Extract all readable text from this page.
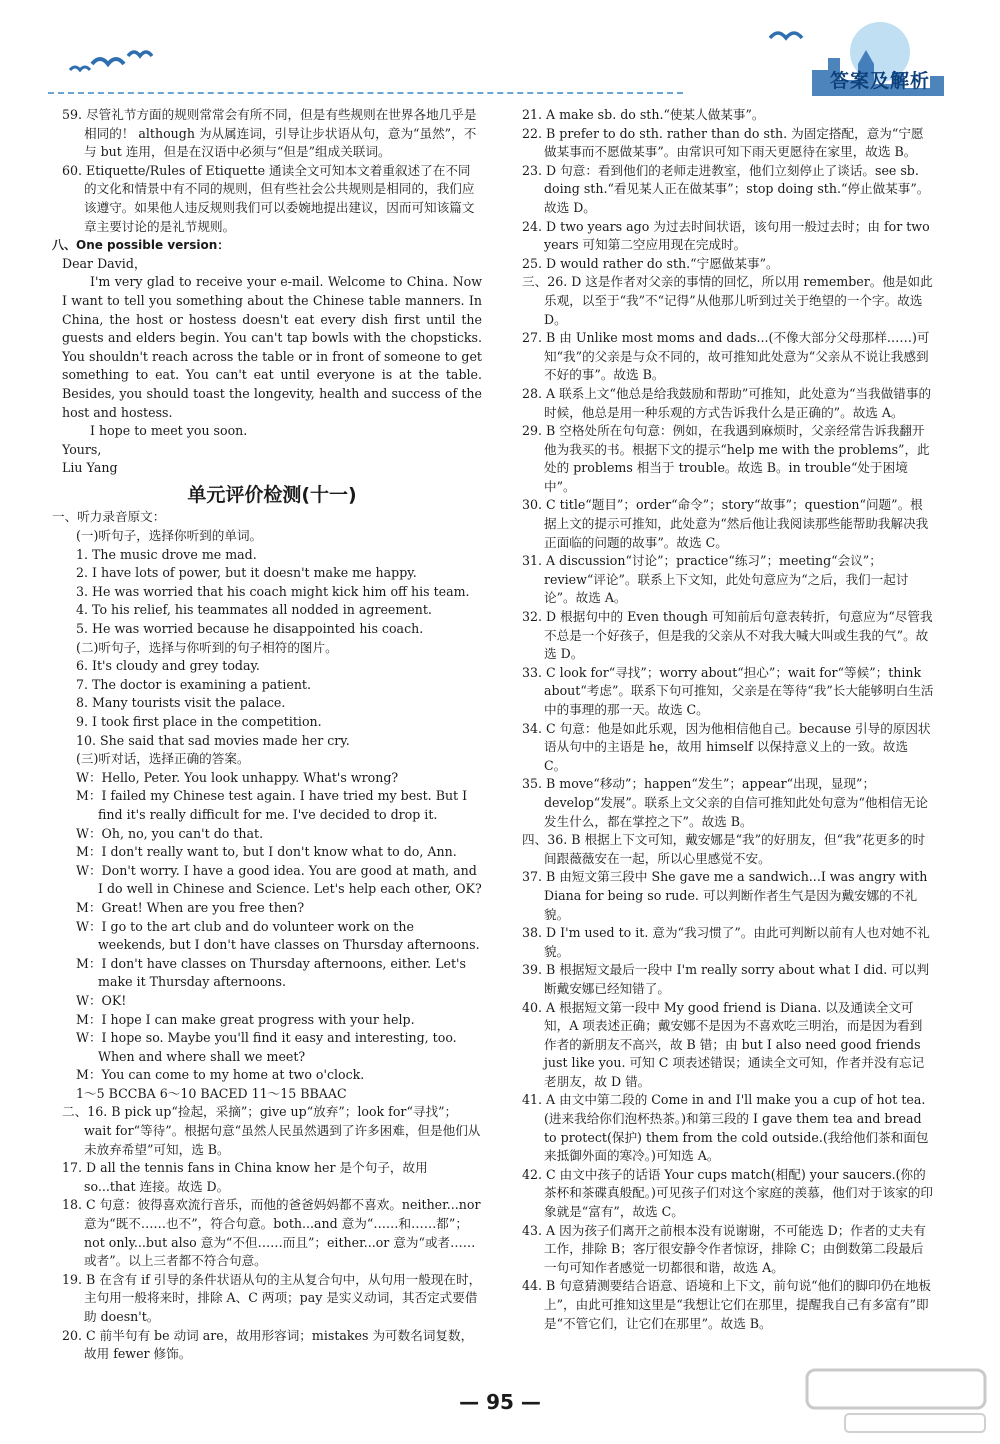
答案及解析

59. 尽管礼节方面的规则常常会有所不同，但是有些规则在世界各地几乎是相同的！ although 为从属连词，引导让步状语从句，意为“虽然”，不与 but 连用，但是在汉语中必须与“但是”组成关联词。

60. Etiquette/Rules of Etiquette 通读全文可知本文着重叙述了在不同的文化和情景中有不同的规则，但有些社会公共规则是相同的，我们应该遵守。如果他人违反规则我们可以委婉地提出建议，因而可知该篇文章主要讨论的是礼节规则。

八、One possible version：

Dear David，

I'm very glad to receive your e-mail. Welcome to China. Now I want to tell you something about the Chinese table manners. In China, the host or hostess doesn't eat every dish first until the guests and elders begin. You can't tap bowls with the chopsticks. You shouldn't reach across the table or in front of someone to get something to eat. You can't eat until everyone is at the table. Besides, you should toast the longevity, health and success of the host and hostess.

I hope to meet you soon.

Yours,

Liu Yang

单元评价检测(十一)

一、听力录音原文：

(一)听句子，选择你听到的单词。

1. The music drove me mad.

2. I have lots of power, but it doesn't make me happy.

3. He was worried that his coach might kick him off his team.

4. To his relief, his teammates all nodded in agreement.

5. He was worried because he disappointed his coach.

(二)听句子，选择与你听到的句子相符的图片。

6. It's cloudy and grey today.

7. The doctor is examining a patient.

8. Many tourists visit the palace.

9. I took first place in the competition.

10. She said that sad movies made her cry.

(三)听对话，选择正确的答案。

W：Hello, Peter. You look unhappy. What's wrong?

M：I failed my Chinese test again. I have tried my best. But I find it's really difficult for me. I've decided to drop it.

W：Oh, no, you can't do that.

M：I don't really want to, but I don't know what to do, Ann.

W：Don't worry. I have a good idea. You are good at math, and I do well in Chinese and Science. Let's help each other, OK?

M：Great! When are you free then?

W：I go to the art club and do volunteer work on the weekends, but I don't have classes on Thursday afternoons.

M：I don't have classes on Thursday afternoons, either. Let's make it Thursday afternoons.

W：OK!

M：I hope I can make great progress with your help.

W：I hope so. Maybe you'll find it easy and interesting, too. When and where shall we meet?

M：You can come to my home at two o'clock.

1～5 BCCBA 6～10 BACED 11～15 BBAAC

二、16. B pick up“捡起，采摘”；give up“放弃”；look for“寻找”；wait for“等待”。根据句意“虽然人民虽然遇到了许多困难，但是他们从未放弃希望”可知，选 B。

17. D all the tennis fans in China know her 是个句子，故用 so...that 连接。故选 D。

18. C 句意：彼得喜欢流行音乐，而他的爸爸妈妈都不喜欢。neither...nor 意为“既不……也不”，符合句意。both...and 意为“……和……都”；not only...but also 意为“不但……而且”；either...or 意为“或者……或者”。以上三者都不符合句意。

19. B 在含有 if 引导的条件状语从句的主从复合句中，从句用一般现在时，主句用一般将来时，排除 A、C 两项；pay 是实义动词，其否定式要借助 doesn't。

20. C 前半句有 be 动词 are，故用形容词；mistakes 为可数名词复数，故用 fewer 修饰。

21. A make sb. do sth.“使某人做某事”。

22. B prefer to do sth. rather than do sth. 为固定搭配，意为“宁愿做某事而不愿做某事”。由常识可知下雨天更愿待在家里，故选 B。

23. D 句意：看到他们的老师走进教室，他们立刻停止了谈话。see sb. doing sth.“看见某人正在做某事”；stop doing sth.“停止做某事”。故选 D。

24. D two years ago 为过去时间状语，该句用一般过去时；由 for two years 可知第二空应用现在完成时。

25. D would rather do sth.“宁愿做某事”。

三、26. D 这是作者对父亲的事情的回忆，所以用 remember。他是如此乐观，以至于“我”不“记得”从他那儿听到过关于绝望的一个字。故选 D。

27. B 由 Unlike most moms and dads...(不像大部分父母那样……)可知“我”的父亲是与众不同的，故可推知此处意为“父亲从不说让我感到不好的事”。故选 B。

28. A 联系上文“他总是给我鼓励和帮助”可推知，此处意为“当我做错事的时候，他总是用一种乐观的方式告诉我什么是正确的”。故选 A。

29. B 空格处所在句句意：例如，在我遇到麻烦时，父亲经常告诉我翻开他为我买的书。根据下文的提示“help me with the problems”，此处的 problems 相当于 trouble。故选 B。in trouble“处于困境中”。

30. C title“题目”；order“命令”；story“故事”；question“问题”。根据上文的提示可推知，此处意为“然后他让我阅读那些能帮助我解决我正面临的问题的故事”。故选 C。

31. A discussion“讨论”；practice“练习”；meeting“会议”；review“评论”。联系上下文知，此处句意应为“之后，我们一起讨论”。故选 A。

32. D 根据句中的 Even though 可知前后句意表转折，句意应为“尽管我不总是一个好孩子，但是我的父亲从不对我大喊大叫或生我的气”。故选 D。

33. C look for“寻找”；worry about“担心”；wait for“等候”；think about“考虑”。联系下句可推知，父亲是在等待“我”长大能够明白生活中的事理的那一天。故选 C。

34. C 句意：他是如此乐观，因为他相信他自己。because 引导的原因状语从句中的主语是 he，故用 himself 以保持意义上的一致。故选 C。

35. B move“移动”；happen“发生”；appear“出现，显现”；develop“发展”。联系上文父亲的自信可推知此处句意为“他相信无论发生什么，都在掌控之下”。故选 B。

四、36. B 根据上下文可知，戴安娜是“我”的好朋友，但“我”花更多的时间跟薇薇安在一起，所以心里感觉不安。

37. B 由短文第三段中 She gave me a sandwich...I was angry with Diana for being so rude. 可以判断作者生气是因为戴安娜的不礼貌。

38. D I'm used to it. 意为“我习惯了”。由此可判断以前有人也对她不礼貌。

39. B 根据短文最后一段中 I'm really sorry about what I did. 可以判断戴安娜已经知错了。

40. A 根据短文第一段中 My good friend is Diana. 以及通读全文可知，A 项表述正确；戴安娜不是因为不喜欢吃三明治，而是因为看到作者的新朋友不高兴，故 B 错；由 but I also need good friends just like you. 可知 C 项表述错误；通读全文可知，作者并没有忘记老朋友，故 D 错。

41. A 由文中第二段的 Come in and I'll make you a cup of hot tea.(进来我给你们泡杯热茶。)和第三段的 I gave them tea and bread to protect(保护) them from the cold outside.(我给他们茶和面包来抵御外面的寒冷。)可知选 A。

42. C 由文中孩子的话语 Your cups match(相配) your saucers.(你的茶杯和茶碟真般配。)可见孩子们对这个家庭的羡慕，他们对于该家的印象就是“富有”，故选 C。

43. A 因为孩子们离开之前根本没有说谢谢，不可能选 D；作者的丈夫有工作，排除 B；客厅很安静令作者惊讶，排除 C；由倒数第二段最后一句可知作者感觉一切都很和谐，故选 A。

44. B 句意猜测要结合语意、语境和上下文，前句说“他们的脚印仍在地板上”，由此可推知这里是“我想让它们在那里，提醒我自己有多富有”即是“不管它们，让它们在那里”。故选 B。

— 95 —
